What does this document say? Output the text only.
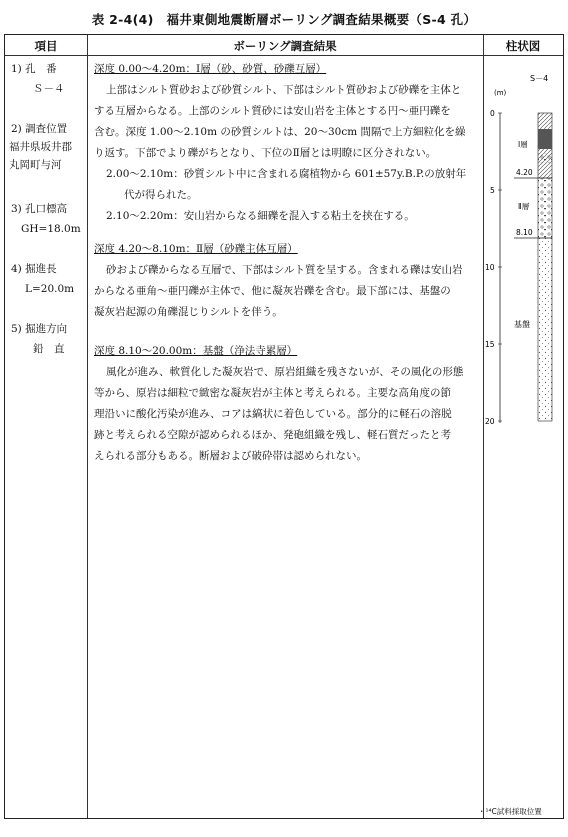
表 2-4(4)　福井東側地震断層ボーリング調査結果概要（S-4 孔）
項目	ボーリング調査結果	柱状図
1) 孔　番
Ｓ－４
2) 調査位置
福井県坂井郡
丸岡町与河
3) 孔口標高
GH=18.0m
4) 掘進長
L=20.0m
5) 掘進方向
鉛　直
深度 0.00～4.20m：Ⅰ層（砂、砂質、砂礫互層）

上部はシルト質砂および砂質シルト、下部はシルト質砂および砂礫を主体と

する互層からなる。上部のシルト質砂には安山岩を主体とする円～亜円礫を

含む。深度 1.00～2.10m の砂質シルトは、20～30cm 間隔で上方細粒化を繰

り返す。下部でより礫がちとなり、下位のⅡ層とは明瞭に区分されない。

2.00～2.10m：砂質シルト中に含まれる腐植物から 601±57y.B.P.の放射年

代が得られた。

2.10～2.20m：安山岩からなる細礫を混入する粘土を挟在する。

深度 4.20～8.10m：Ⅱ層（砂礫主体互層）

砂および礫からなる互層で、下部はシルト質を呈する。含まれる礫は安山岩

からなる亜角～亜円礫が主体で、他に凝灰岩礫を含む。最下部には、基盤の

凝灰岩起源の角礫混じりシルトを伴う。

深度 8.10～20.00m：基盤（浄法寺累層）

風化が進み、軟質化した凝灰岩で、原岩組織を残さないが、その風化の形態

等から、原岩は細粒で緻密な凝灰岩が主体と考えられる。主要な高角度の節

理沿いに酸化汚染が進み、コアは縞状に着色している。部分的に軽石の溶脱

跡と考えられる空隙が認められるほか、発砲組織を残し、軽石質だったと考

えられる部分もある。断層および破砕帯は認められない。

S－4
(m)
0
5
10
15
20
4.20
8.10
Ⅰ層
Ⅱ層
基盤
・¹⁴C試料採取位置
